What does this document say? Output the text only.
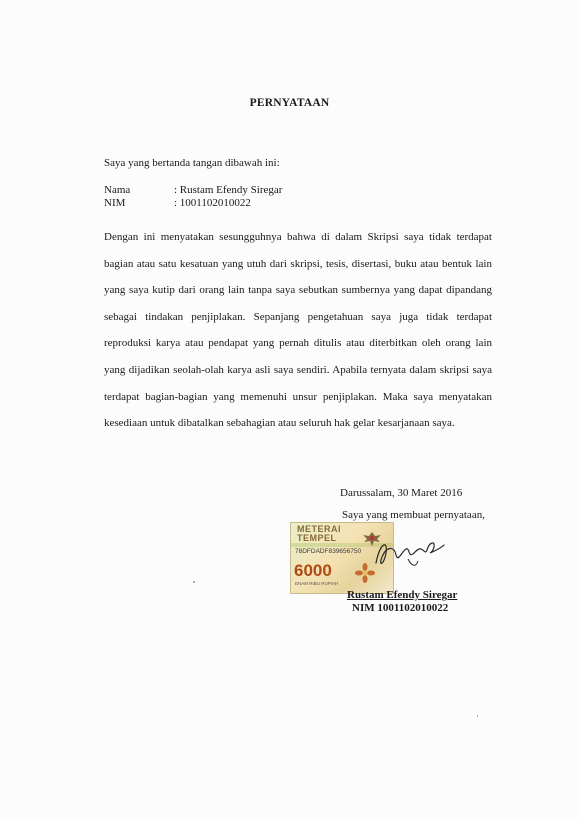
PERNYATAAN
Saya yang bertanda tangan dibawah ini:
Nama	: Rustam Efendy Siregar
NIM	: 1001102010022
Dengan ini menyatakan sesungguhnya bahwa di dalam Skripsi saya tidak terdapat bagian atau satu kesatuan yang utuh dari skripsi, tesis, disertasi, buku atau bentuk lain yang saya kutip dari orang lain tanpa saya sebutkan sumbernya yang dapat dipandang sebagai tindakan penjiplakan. Sepanjang pengetahuan saya juga tidak terdapat reproduksi karya atau pendapat yang pernah ditulis atau diterbitkan oleh orang lain yang dijadikan seolah-olah karya asli saya sendiri. Apabila ternyata dalam skripsi saya terdapat bagian-bagian yang memenuhi unsur penjiplakan. Maka saya menyatakan kesediaan untuk dibatalkan sebahagian atau seluruh hak gelar kesarjanaan saya.
Darussalam, 30 Maret 2016
Saya yang membuat pernyataan,
METERAI
TEMPEL
78DFDADF839656750
6000
ENAM RIBU RUPIAH
Rustam Efendy Siregar
NIM 1001102010022
